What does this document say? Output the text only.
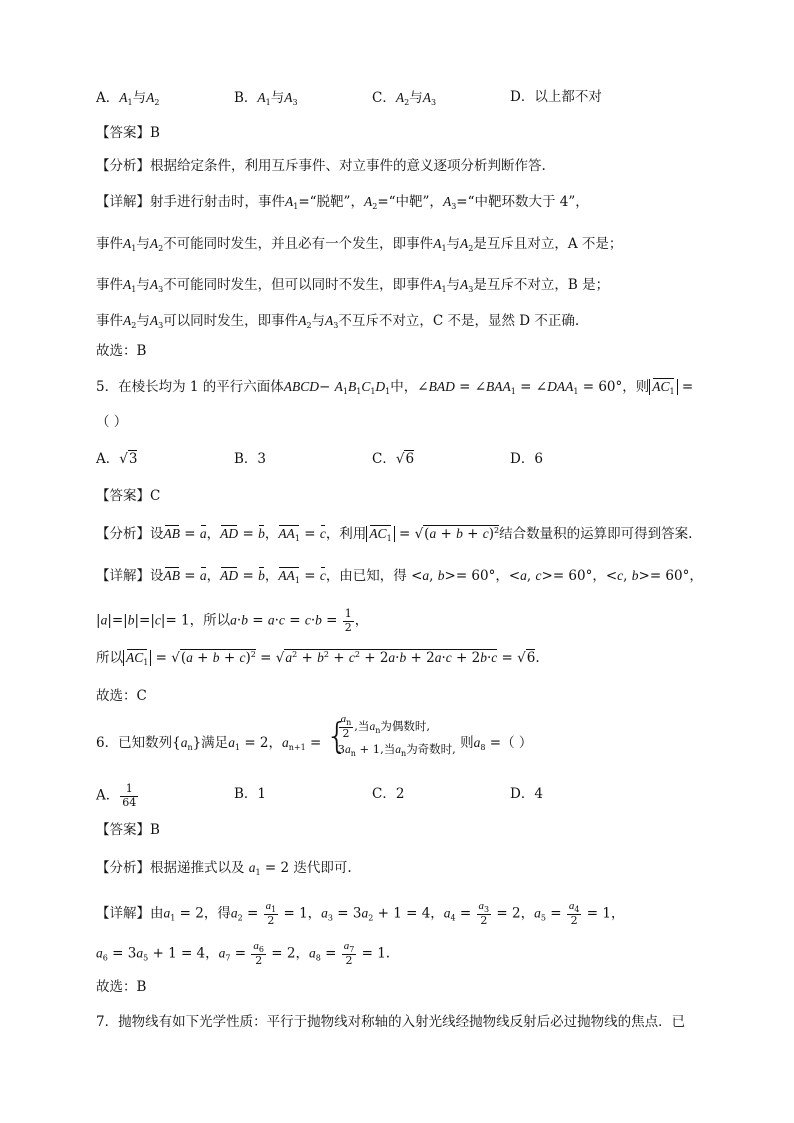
A．$A_1$与$A_2$	B．$A_1$与$A_3$	C．$A_2$与$A_3$	D．以上都不对
【答案】B
【分析】根据给定条件，利用互斥事件、对立事件的意义逐项分析判断作答.
【详解】射手进行射击时，事件$A_1=“$脱靶”，$A_2=“$中靶”，$A_3=“$中靶环数大于 4”，
事件$A_1$与$A_2$不可能同时发生，并且必有一个发生，即事件$A_1$与$A_2$是互斥且对立，A 不是；
事件$A_1$与$A_3$不可能同时发生，但可以同时不发生，即事件$A_1$与$A_3$是互斥不对立，B 是；
事件$A_2$与$A_3$可以同时发生，即事件$A_2$与$A_3$不互斥不对立，C 不是，显然 D 不正确.
故选：B
5．在棱长均为 1 的平行六面体ABCD− $A_1B_1C_1D_1$中，∠BAD = $\angle BAA_1$ = $\angle DAA_1 = 60^\circ$，则 $AC_1$ =
（ ）
A．√3	B．3	C．√6	D．6
【答案】C
【分析】设AB = a，AD = b，$AA_1 = c$，利用 $AC_1 = √(a + b + c)^2$结合数量积的运算即可得到答案.
【详解】设AB = a，AD = b，$AA_1 = c$，由已知，得 <a, b>= 60°，<a, c>= 60°，<c, b>= 60°，
|a|=|b|=|c|= 1，所以$a\cdot b = a\cdot c = c\cdot b = \frac{1}{2}$ ，
所以 $AC_1 = √(a + b + c)^2 = √a^2 + b^2 + c^2 + 2a\cdot b + 2a\cdot c + 2b\cdot c = √6$.
故选：C
6．已知数列$\{a_n\}$满足$a_1 = 2$，$a_{n+1}$ =
{ $\frac{a_n}{2}$ ,当$a_n$为偶数时,
$3a_n + 1$,当$a_n$为奇数时, 则$a_8$ =（ ）
A． $\frac{1}{64}$	B．1	C．2	D．4
【答案】B
【分析】根据递推式以及 $a_1 = 2$ 迭代即可.
【详解】由$a_1 = 2$，得$a_2 = \frac{a_1}{2} = 1$，$a_3 = 3a_2 + 1 = 4$，$a_4 = \frac{a_3}{2} = 2$，$a_5 = \frac{a_4}{2} = 1$，
$a_6 = 3a_5 + 1 = 4$，$a_7 = \frac{a_6}{2} = 2$，$a_8 = \frac{a_7}{2} = 1$.
故选：B
7．抛物线有如下光学性质：平行于抛物线对称轴的入射光线经抛物线反射后必过抛物线的焦点．已
